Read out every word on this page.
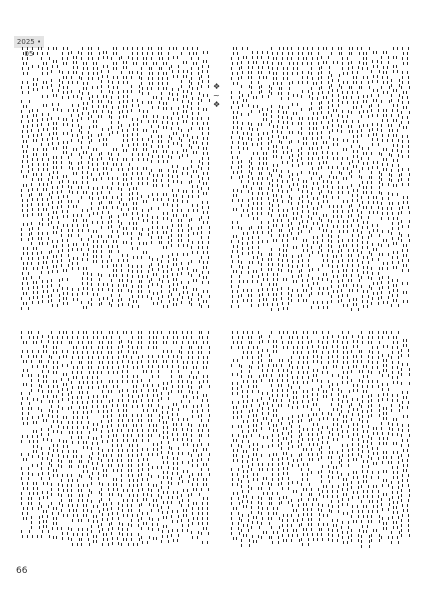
2025 • 05
❖ ~ ❖
66
